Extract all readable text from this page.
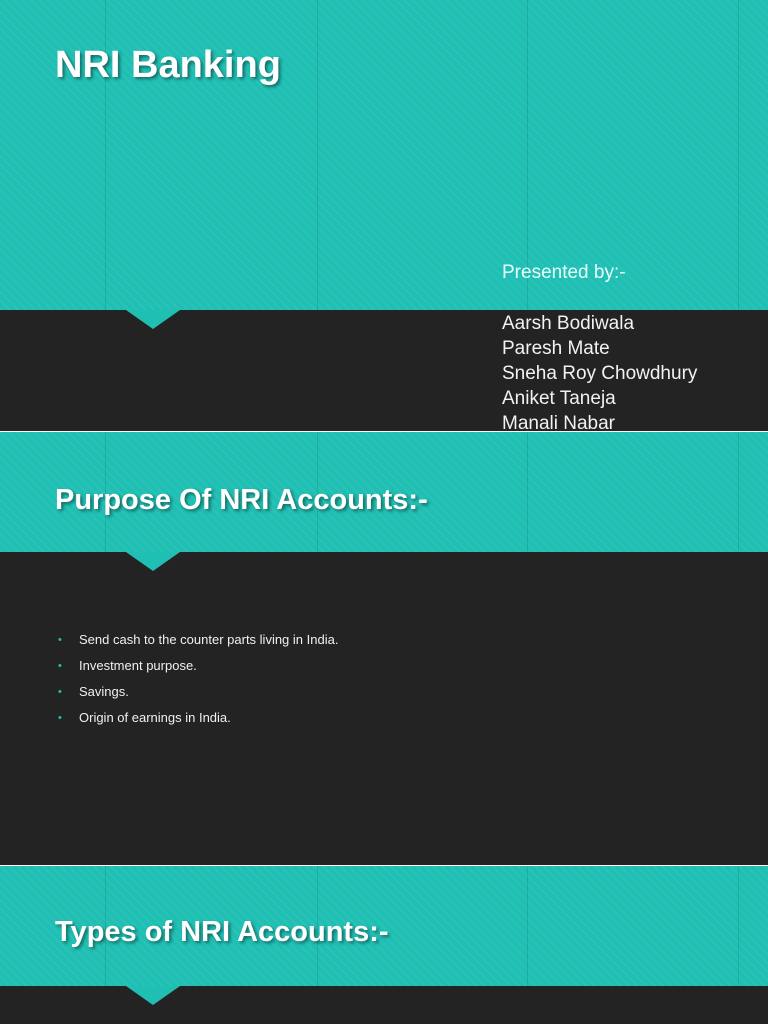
NRI Banking
Presented by:-
Aarsh Bodiwala
Paresh Mate
Sneha Roy Chowdhury
Aniket Taneja
Manali Nabar
Purpose Of NRI Accounts:-
• Send cash to the counter parts living in India.
• Investment purpose.
• Savings.
• Origin of earnings in India.
Types of NRI Accounts:-
